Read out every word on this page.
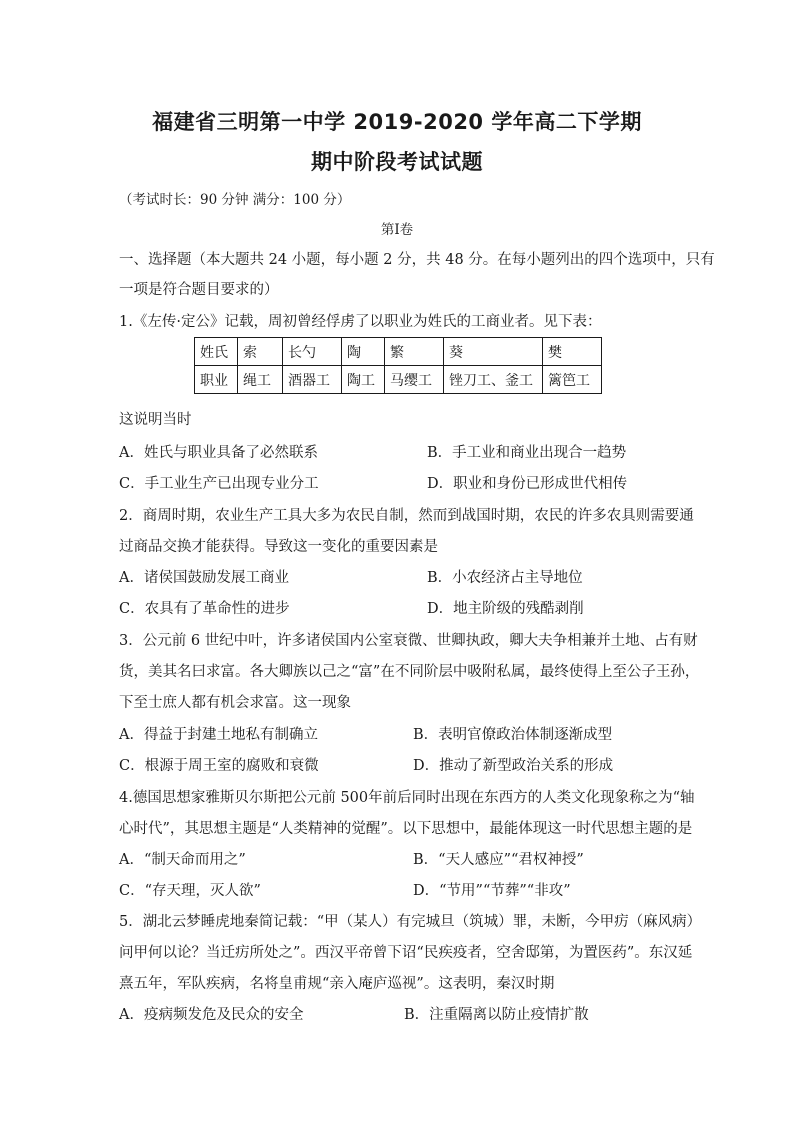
福建省三明第一中学 2019-2020 学年高二下学期
期中阶段考试试题
（考试时长：90 分钟 满分：100 分）
第Ⅰ卷
一、选择题（本大题共 24 小题，每小题 2 分，共 48 分。在每小题列出的四个选项中，只有
一项是符合题目要求的）
1.《左传·定公》记载，周初曾经俘虏了以职业为姓氏的工商业者。见下表：
姓氏	索	长勺	陶	繁	葵	樊
职业	绳工	酒器工	陶工	马缨工	锉刀工、釜工	篱笆工
这说明当时
A．姓氏与职业具备了必然联系	B．手工业和商业出现合一趋势
C．手工业生产已出现专业分工	D．职业和身份已形成世代相传
2．商周时期，农业生产工具大多为农民自制，然而到战国时期，农民的许多农具则需要通
过商品交换才能获得。导致这一变化的重要因素是
A．诸侯国鼓励发展工商业	B．小农经济占主导地位
C．农具有了革命性的进步	D．地主阶级的残酷剥削
3．公元前 6 世纪中叶，许多诸侯国内公室衰微、世卿执政，卿大夫争相兼并土地、占有财
货，美其名曰求富。各大卿族以己之“富”在不同阶层中吸附私属，最终使得上至公子王孙，
下至士庶人都有机会求富。这一现象
A．得益于封建土地私有制确立	B．表明官僚政治体制逐渐成型
C．根源于周王室的腐败和衰微	D．推动了新型政治关系的形成
4.德国思想家雅斯贝尔斯把公元前 500年前后同时出现在东西方的人类文化现象称之为“轴
心时代”，其思想主题是“人类精神的觉醒”。以下思想中，最能体现这一时代思想主题的是
A．“制天命而用之”	B．“天人感应”“君权神授”
C．“存天理，灭人欲”	D．“节用”“节葬”“非攻”
5．湖北云梦睡虎地秦简记载：“甲（某人）有完城旦（筑城）罪，未断，今甲疠（麻风病）
问甲何以论？当迁疠所处之”。西汉平帝曾下诏“民疾疫者，空舍邸第，为置医药”。东汉延
熹五年，军队疾病，名将皇甫规“亲入庵庐巡视”。这表明，秦汉时期
A．疫病频发危及民众的安全	B．注重隔离以防止疫情扩散
